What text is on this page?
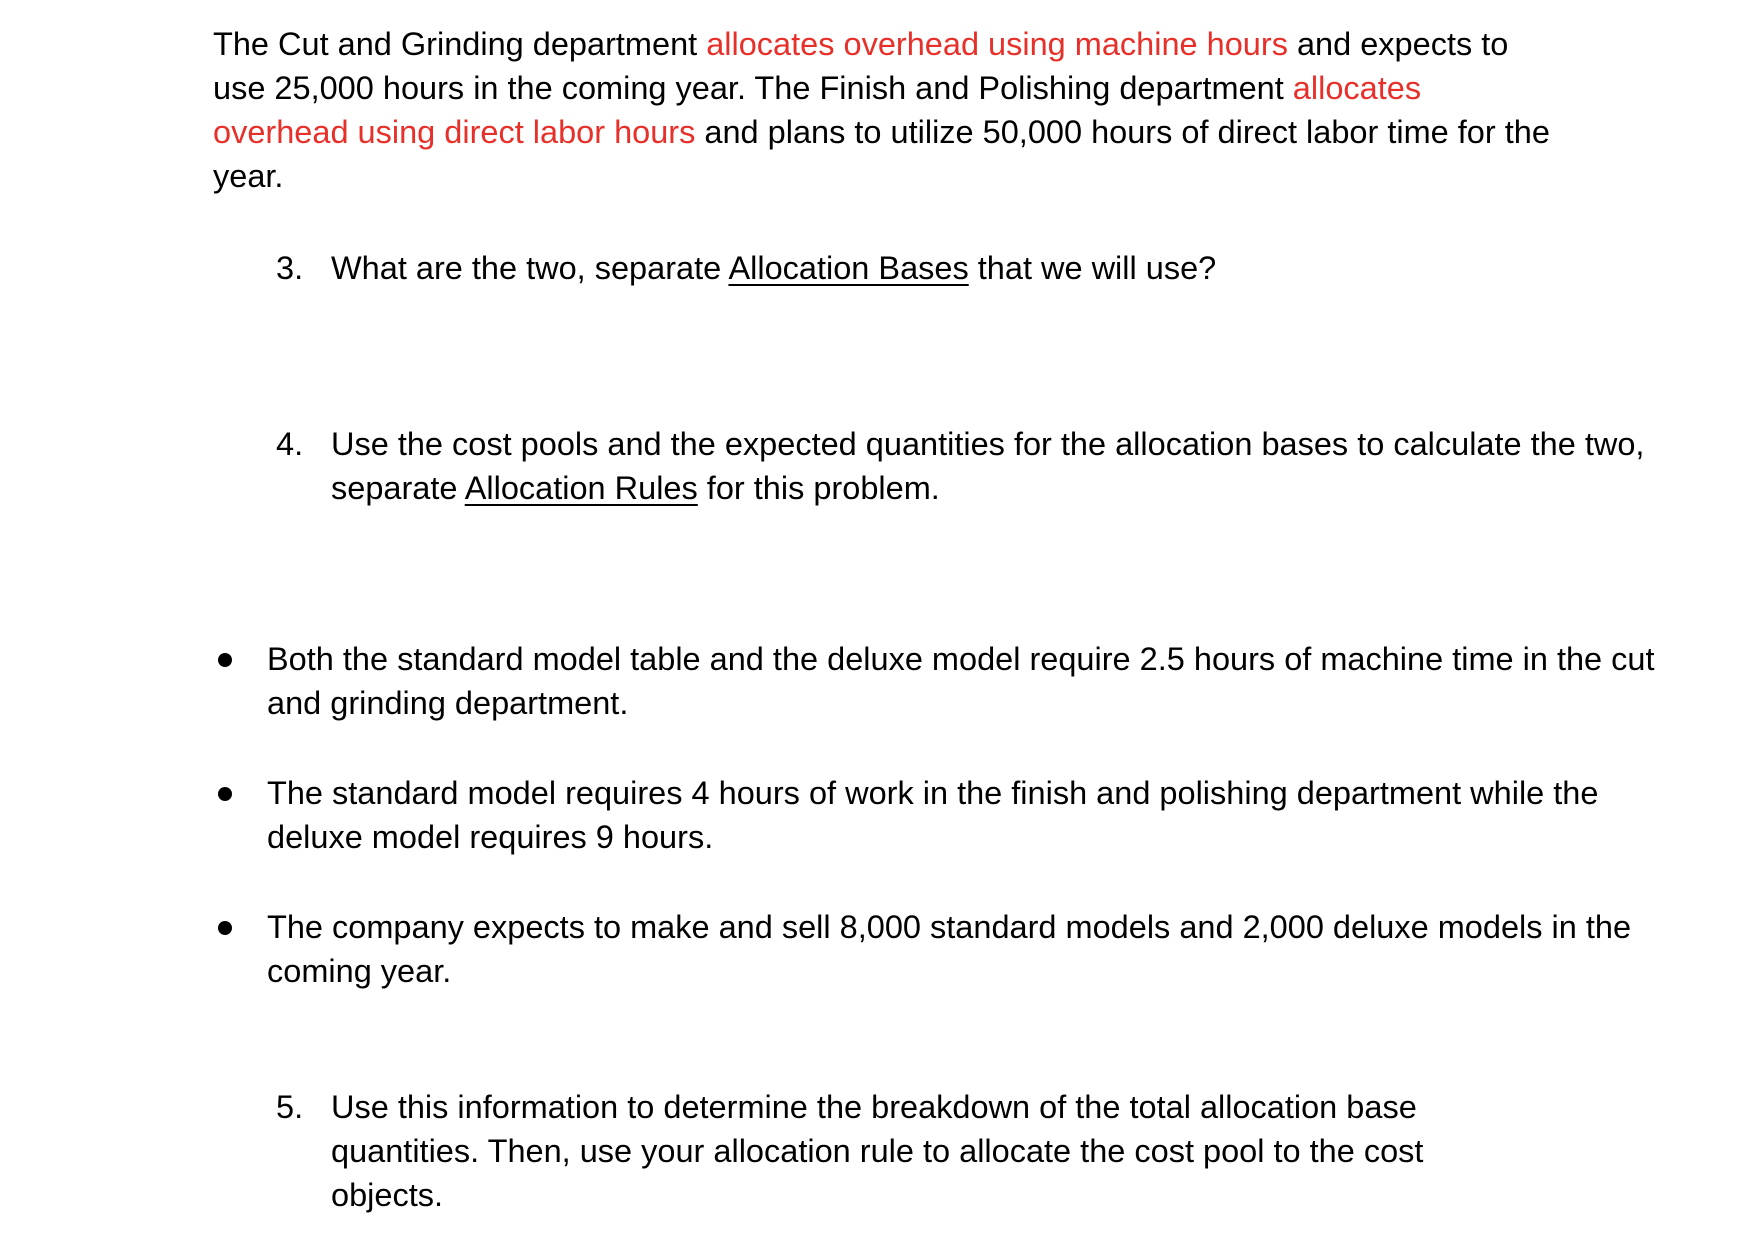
The Cut and Grinding department allocates overhead using machine hours and expects to use 25,000 hours in the coming year. The Finish and Polishing department allocates overhead using direct labor hours and plans to utilize 50,000 hours of direct labor time for the year.

3. What are the two, separate Allocation Bases that we will use?

4. Use the cost pools and the expected quantities for the allocation bases to calculate the two, separate Allocation Rules for this problem.

Both the standard model table and the deluxe model require 2.5 hours of machine time in the cut and grinding department.

The standard model requires 4 hours of work in the finish and polishing department while the deluxe model requires 9 hours.

The company expects to make and sell 8,000 standard models and 2,000 deluxe models in the coming year.

5. Use this information to determine the breakdown of the total allocation base quantities. Then, use your allocation rule to allocate the cost pool to the cost objects.
